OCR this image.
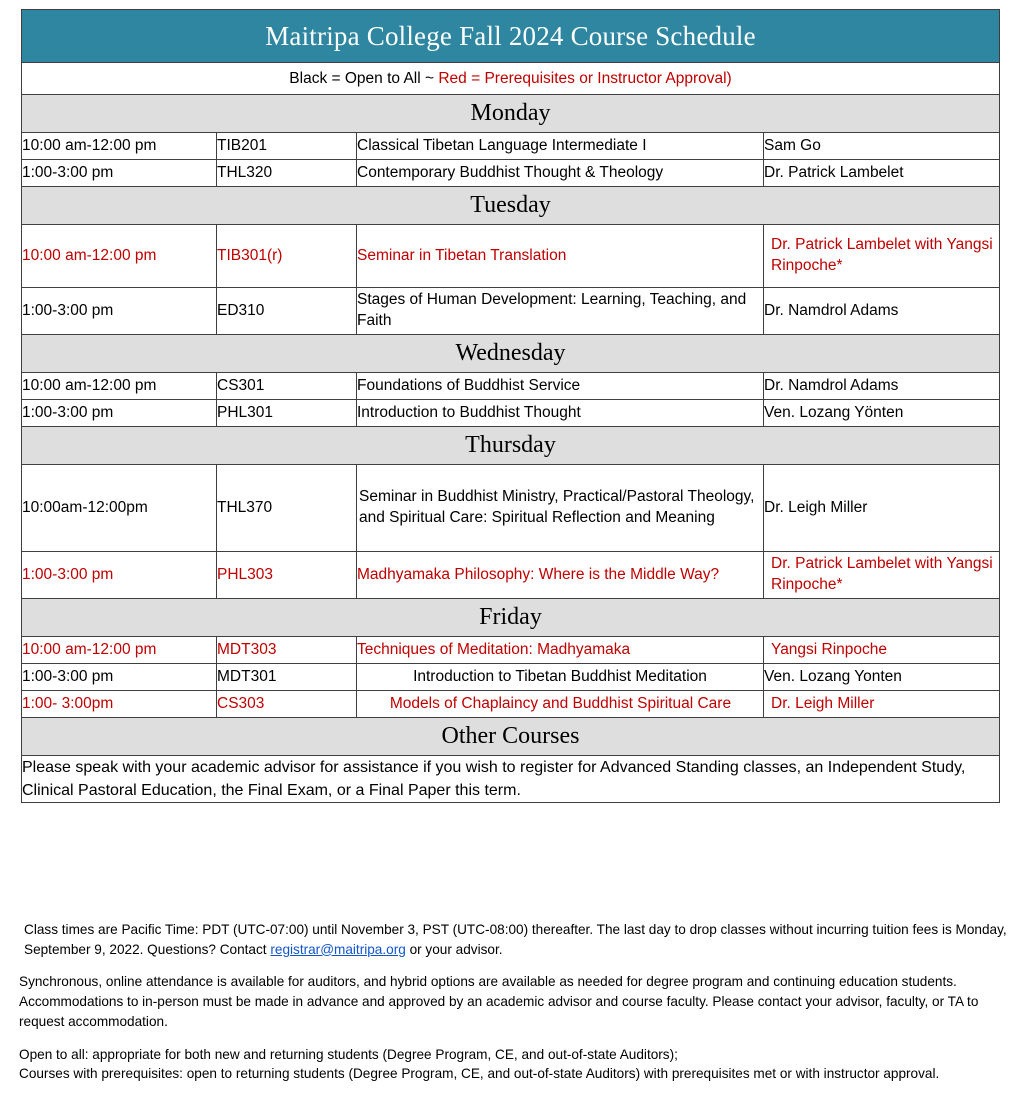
Maitripa College Fall 2024 Course Schedule			
Black = Open to All ~ Red = Prerequisites or Instructor Approval)			
Monday			
10:00 am-12:00 pm	TIB201	Classical Tibetan Language Intermediate I	Sam Go
1:00-3:00 pm	THL320	Contemporary Buddhist Thought & Theology	Dr. Patrick Lambelet
Tuesday			
10:00 am-12:00 pm	TIB301(r)	Seminar in Tibetan Translation	Dr. Patrick Lambelet with Yangsi Rinpoche*
1:00-3:00 pm	ED310	Stages of Human Development: Learning, Teaching, and Faith	Dr. Namdrol Adams
Wednesday			
10:00 am-12:00 pm	CS301	Foundations of Buddhist Service	Dr. Namdrol Adams
1:00-3:00 pm	PHL301	Introduction to Buddhist Thought	Ven. Lozang Yönten
Thursday			
10:00am-12:00pm	THL370	Seminar in Buddhist Ministry, Practical/Pastoral Theology, and Spiritual Care: Spiritual Reflection and Meaning	Dr. Leigh Miller
1:00-3:00 pm	PHL303	Madhyamaka Philosophy: Where is the Middle Way?	Dr. Patrick Lambelet with Yangsi Rinpoche*
Friday			
10:00 am-12:00 pm	MDT303	Techniques of Meditation: Madhyamaka	Yangsi Rinpoche
1:00-3:00 pm	MDT301	Introduction to Tibetan Buddhist Meditation	Ven. Lozang Yonten
1:00- 3:00pm	CS303	Models of Chaplaincy and Buddhist Spiritual Care	Dr. Leigh Miller
Other Courses			
Please speak with your academic advisor for assistance if you wish to register for Advanced Standing classes, an Independent Study, Clinical Pastoral Education, the Final Exam, or a Final Paper this term.			

Class times are Pacific Time: PDT (UTC-07:00) until November 3, PST (UTC-08:00) thereafter. The last day to drop classes without incurring tuition fees is Monday, September 9, 2022. Questions? Contact registrar@maitripa.org or your advisor.

Synchronous, online attendance is available for auditors, and hybrid options are available as needed for degree program and continuing education students. Accommodations to in-person must be made in advance and approved by an academic advisor and course faculty. Please contact your advisor, faculty, or TA to request accommodation.

Open to all: appropriate for both new and returning students (Degree Program, CE, and out-of-state Auditors);
Courses with prerequisites: open to returning students (Degree Program, CE, and out-of-state Auditors) with prerequisites met or with instructor approval.
